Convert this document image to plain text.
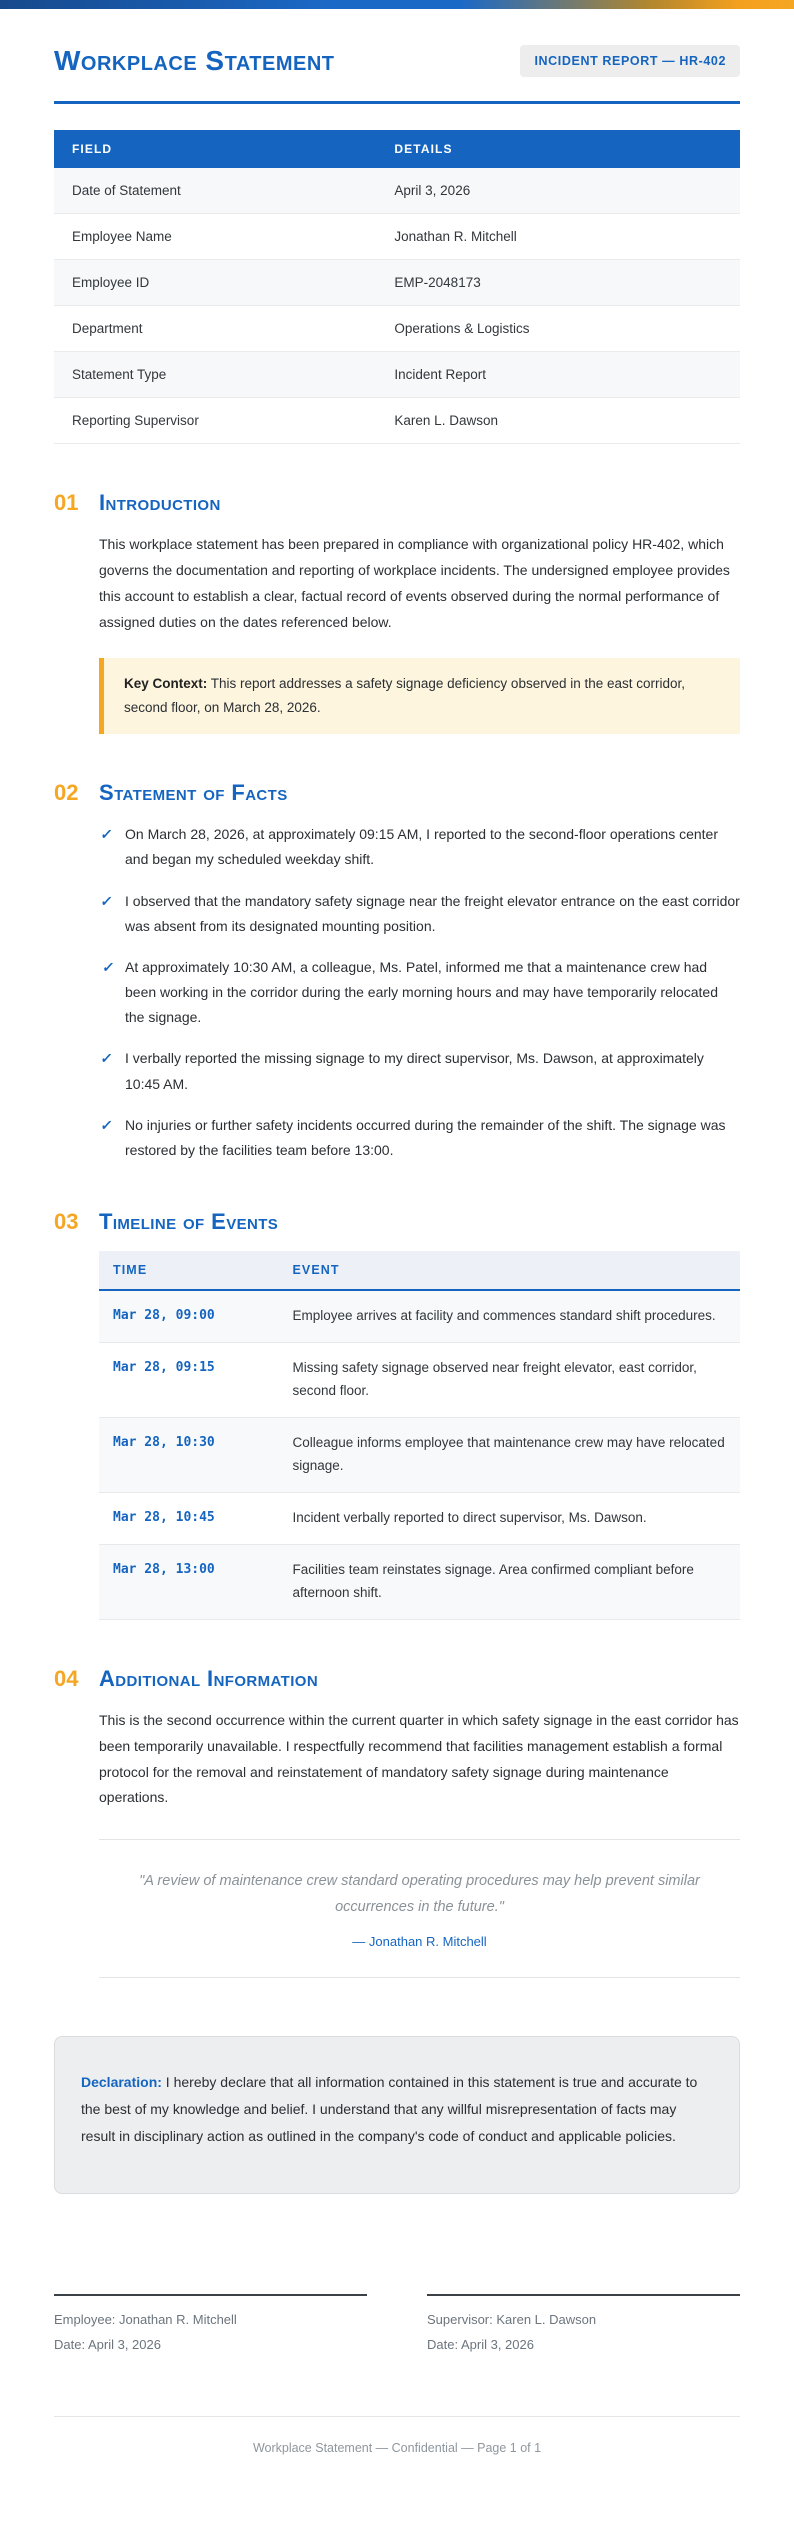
Workplace Statement	INCIDENT REPORT — HR-402
FIELD	DETAILS
Date of Statement	April 3, 2026
Employee Name	Jonathan R. Mitchell
Employee ID	EMP-2048173
Department	Operations & Logistics
Statement Type	Incident Report
Reporting Supervisor	Karen L. Dawson
01 Introduction

This workplace statement has been prepared in compliance with organizational policy HR-402, which governs the documentation and reporting of workplace incidents. The undersigned employee provides this account to establish a clear, factual record of events observed during the normal performance of assigned duties on the dates referenced below.

Key Context: This report addresses a safety signage deficiency observed in the east corridor, second floor, on March 28, 2026.
02 Statement of Facts
✓ On March 28, 2026, at approximately 09:15 AM, I reported to the second-floor operations center and began my scheduled weekday shift.
✓ I observed that the mandatory safety signage near the freight elevator entrance on the east corridor was absent from its designated mounting position.
✓ At approximately 10:30 AM, a colleague, Ms. Patel, informed me that a maintenance crew had been working in the corridor during the early morning hours and may have temporarily relocated the signage.
✓ I verbally reported the missing signage to my direct supervisor, Ms. Dawson, at approximately 10:45 AM.
✓ No injuries or further safety incidents occurred during the remainder of the shift. The signage was restored by the facilities team before 13:00.
03 Timeline of Events
TIME	EVENT
Mar 28, 09:00	Employee arrives at facility and commences standard shift procedures.
Mar 28, 09:15	Missing safety signage observed near freight elevator, east corridor, second floor.
Mar 28, 10:30	Colleague informs employee that maintenance crew may have relocated signage.
Mar 28, 10:45	Incident verbally reported to direct supervisor, Ms. Dawson.
Mar 28, 13:00	Facilities team reinstates signage. Area confirmed compliant before afternoon shift.
04 Additional Information

This is the second occurrence within the current quarter in which safety signage in the east corridor has been temporarily unavailable. I respectfully recommend that facilities management establish a formal protocol for the removal and reinstatement of mandatory safety signage during maintenance operations.

"A review of maintenance crew standard operating procedures may help prevent similar occurrences in the future."

— Jonathan R. Mitchell

Declaration: I hereby declare that all information contained in this statement is true and accurate to the best of my knowledge and belief. I understand that any willful misrepresentation of facts may result in disciplinary action as outlined in the company's code of conduct and applicable policies.
Employee: Jonathan R. Mitchell
Date: April 3, 2026
Supervisor: Karen L. Dawson
Date: April 3, 2026
Workplace Statement — Confidential — Page 1 of 1
